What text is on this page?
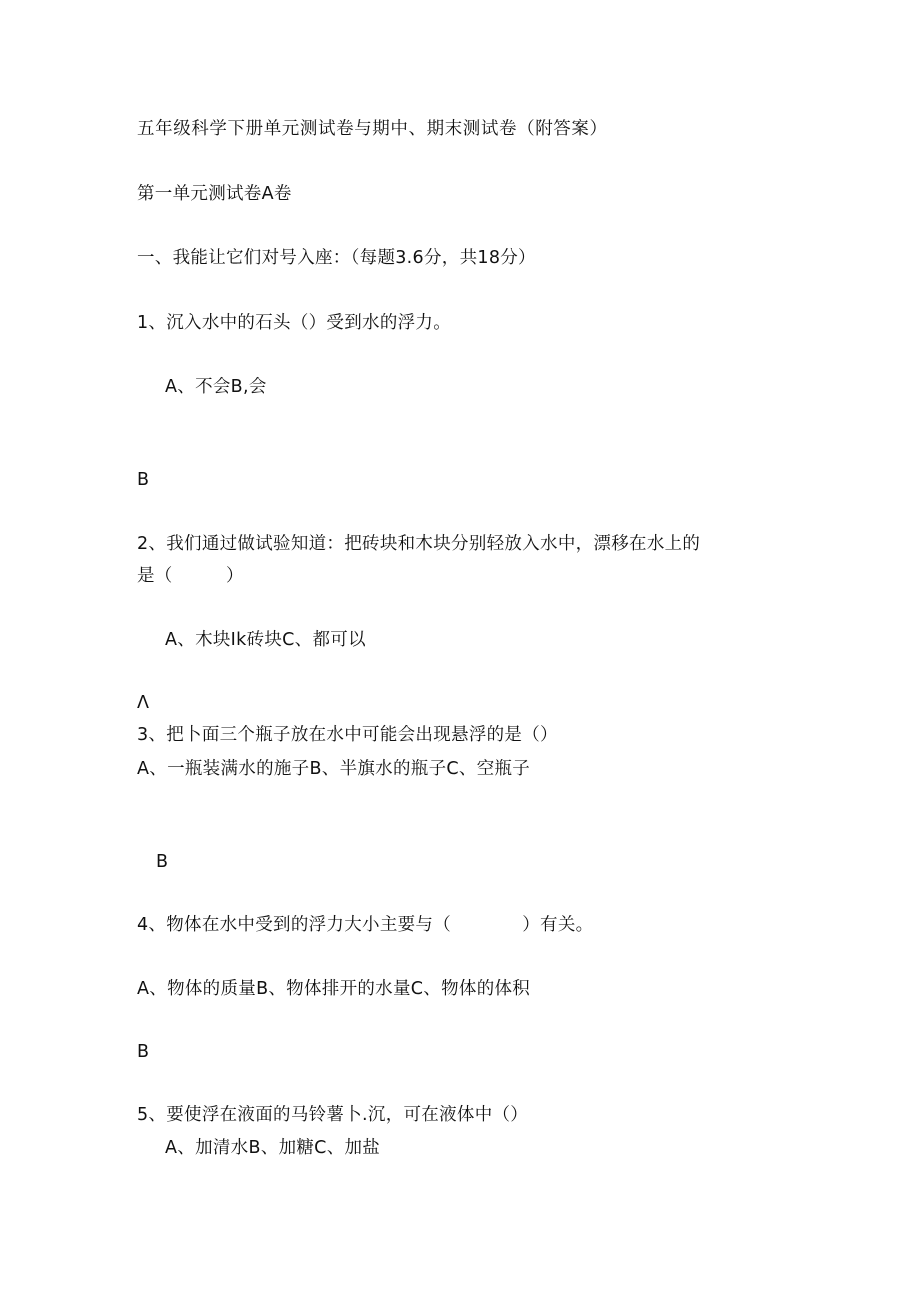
五年级科学下册单元测试卷与期中、期末测试卷（附答案）
第一单元测试卷A卷
一、我能让它们对号入座：（每题3.6分，共18分）
1、沉入水中的石头（）受到水的浮力。
A、不会B,会
B
2、我们通过做试验知道：把砖块和木块分别轻放入水中，漂移在水上的
是（　　　）
A、木块Ik砖块C、都可以
Λ
3、把卜面三个瓶子放在水中可能会出现悬浮的是（）
A、一瓶装满水的施子B、半旗水的瓶子C、空瓶子
B
4、物体在水中受到的浮力大小主要与（　　　　）有关。
A、物体的质量B、物体排开的水量C、物体的体积
B
5、要使浮在液面的马铃薯卜.沉，可在液体中（）
A、加清水B、加糖C、加盐
